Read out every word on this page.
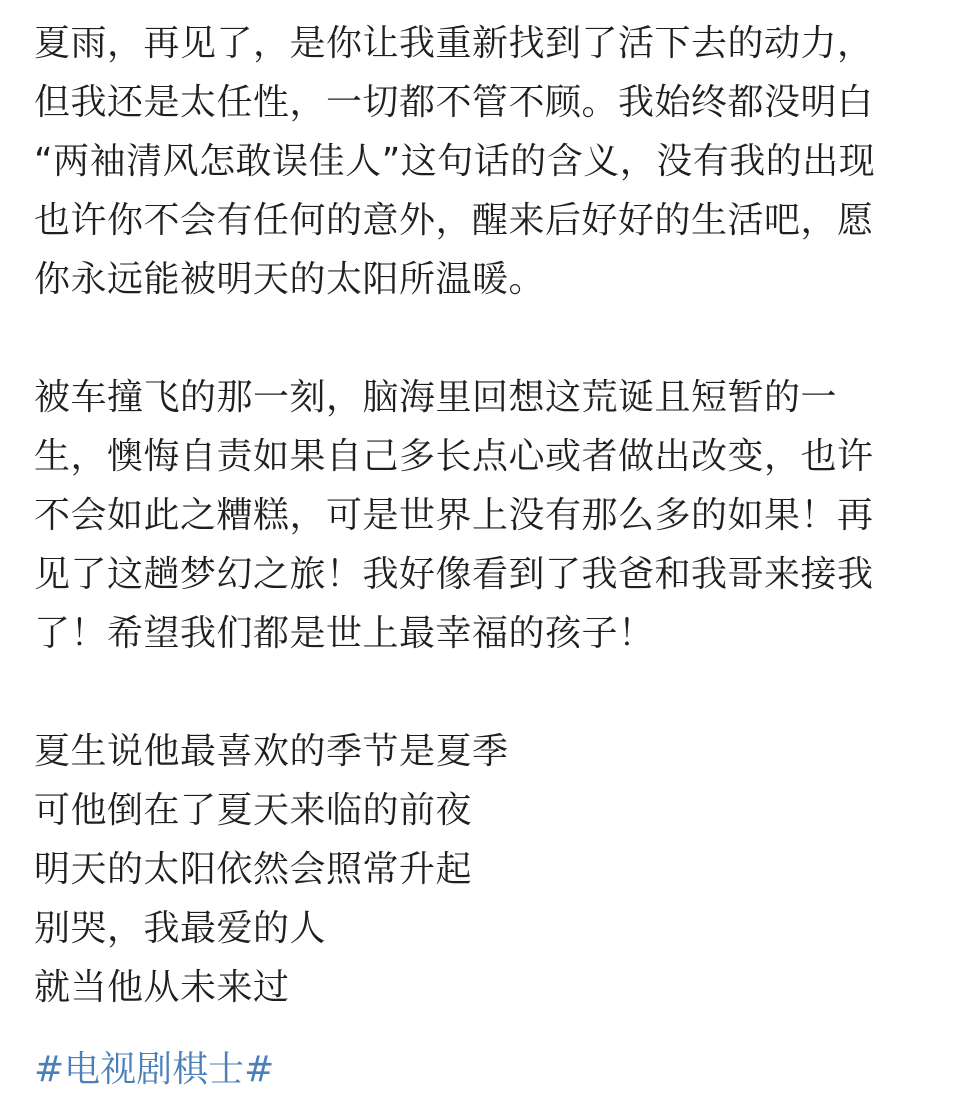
夏雨，再见了，是你让我重新找到了活下去的动力，
但我还是太任性，一切都不管不顾。我始终都没明白
“两袖清风怎敢误佳人”这句话的含义，没有我的出现
也许你不会有任何的意外，醒来后好好的生活吧，愿
你永远能被明天的太阳所温暖。
被车撞飞的那一刻，脑海里回想这荒诞且短暂的一
生，懊悔自责如果自己多长点心或者做出改变，也许
不会如此之糟糕，可是世界上没有那么多的如果！再
见了这趟梦幻之旅！我好像看到了我爸和我哥来接我
了！希望我们都是世上最幸福的孩子！
夏生说他最喜欢的季节是夏季
可他倒在了夏天来临的前夜
明天的太阳依然会照常升起
别哭，我最爱的人
就当他从未来过
#电视剧棋士#
